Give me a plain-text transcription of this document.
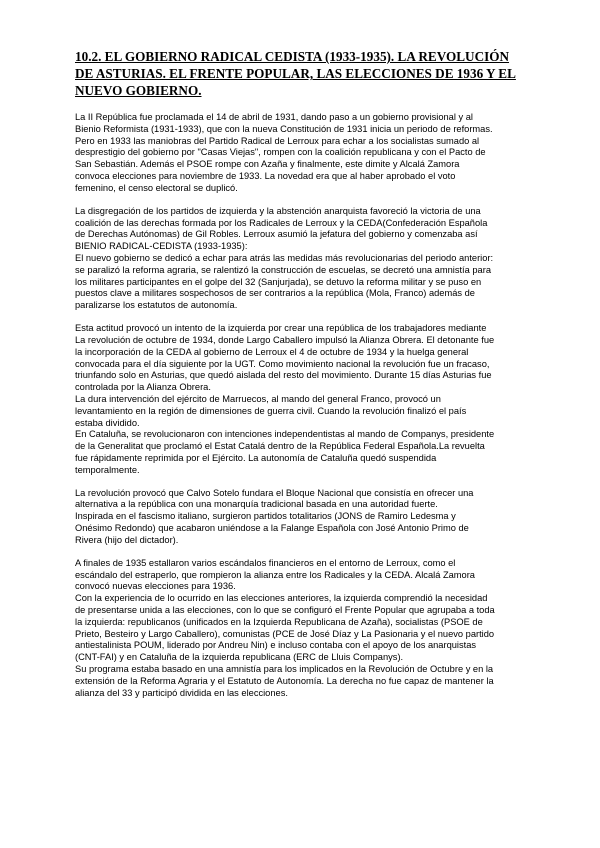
10.2. EL GOBIERNO RADICAL CEDISTA (1933-1935). LA REVOLUCIÓN DE ASTURIAS. EL FRENTE POPULAR, LAS ELECCIONES DE 1936 Y EL NUEVO GOBIERNO.

La II República fue proclamada el 14 de abril de 1931, dando paso a un gobierno provisional y al
Bienio Reformista (1931-1933), que con la nueva Constitución de 1931 inicia un periodo de reformas.
Pero en 1933 las maniobras del Partido Radical de Lerroux para echar a los socialistas sumado al
desprestigio del gobierno por "Casas Viejas", rompen con la coalición republicana y con el Pacto de
San Sebastián. Además el PSOE rompe con Azaña y finalmente, este dimite y Alcalá Zamora
convoca elecciones para noviembre de 1933. La novedad era que al haber aprobado el voto
femenino, el censo electoral se duplicó.

La disgregación de los partidos de izquierda y la abstención anarquista favoreció la victoria de una
coalición de las derechas formada por los Radicales de Lerroux y la CEDA(Confederación Española
de Derechas Autónomas) de Gil Robles. Lerroux asumió la jefatura del gobierno y comenzaba así
BIENIO RADICAL-CEDISTA (1933-1935):
El nuevo gobierno se dedicó a echar para atrás las medidas más revolucionarias del periodo anterior:
se paralizó la reforma agraria, se ralentizó la construcción de escuelas, se decretó una amnistía para
los militares participantes en el golpe del 32 (Sanjurjada), se detuvo la reforma militar y se puso en
puestos clave a militares sospechosos de ser contrarios a la república (Mola, Franco) además de
paralizarse los estatutos de autonomía.

Esta actitud provocó un intento de la izquierda por crear una república de los trabajadores mediante
La revolución de octubre de 1934, donde Largo Caballero impulsó la Alianza Obrera. El detonante fue
la incorporación de la CEDA al gobierno de Lerroux el 4 de octubre de 1934 y la huelga general
convocada para el día siguiente por la UGT. Como movimiento nacional la revolución fue un fracaso,
triunfando solo en Asturias, que quedó aislada del resto del movimiento. Durante 15 días Asturias fue
controlada por la Alianza Obrera.
La dura intervención del ejército de Marruecos, al mando del general Franco, provocó un
levantamiento en la región de dimensiones de guerra civil. Cuando la revolución finalizó el país
estaba dividido.
En Cataluña, se revolucionaron con intenciones independentistas al mando de Companys, presidente
de la Generalitat que proclamó el Estat Catalá dentro de la República Federal Española.La revuelta
fue rápidamente reprimida por el Ejército. La autonomía de Cataluña quedó suspendida
temporalmente.

La revolución provocó que Calvo Sotelo fundara el Bloque Nacional que consistía en ofrecer una
alternativa a la república con una monarquía tradicional basada en una autoridad fuerte.
Inspirada en el fascismo italiano, surgieron partidos totalitarios (JONS de Ramiro Ledesma y
Onésimo Redondo) que acabaron uniéndose a la Falange Española con José Antonio Primo de
Rivera (hijo del dictador).

A finales de 1935 estallaron varios escándalos financieros en el entorno de Lerroux, como el
escándalo del estraperlo, que rompieron la alianza entre los Radicales y la CEDA. Alcalá Zamora
convocó nuevas elecciones para 1936.
Con la experiencia de lo ocurrido en las elecciones anteriores, la izquierda comprendió la necesidad
de presentarse unida a las elecciones, con lo que se configuró el Frente Popular que agrupaba a toda
la izquierda: republicanos (unificados en la Izquierda Republicana de Azaña), socialistas (PSOE de
Prieto, Besteiro y Largo Caballero), comunistas (PCE de José Díaz y La Pasionaria y el nuevo partido
antiestalinista POUM, liderado por Andreu Nin) e incluso contaba con el apoyo de los anarquistas
(CNT-FAI) y en Cataluña de la izquierda republicana (ERC de Lluis Companys).
Su programa estaba basado en una amnistía para los implicados en la Revolución de Octubre y en la
extensión de la Reforma Agraria y el Estatuto de Autonomía. La derecha no fue capaz de mantener la
alianza del 33 y participó dividida en las elecciones.
